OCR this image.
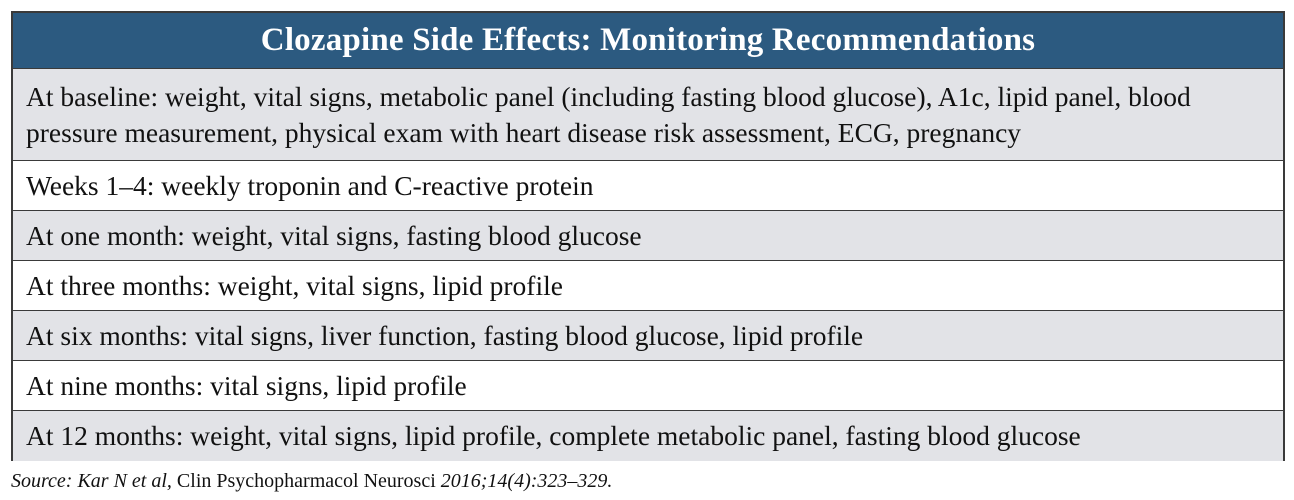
Clozapine Side Effects: Monitoring Recommendations
At baseline: weight, vital signs, metabolic panel (including fasting blood glucose), A1c, lipid panel, blood pressure measurement, physical exam with heart disease risk assessment, ECG, pregnancy
Weeks 1–4: weekly troponin and C-reactive protein
At one month: weight, vital signs, fasting blood glucose
At three months: weight, vital signs, lipid profile
At six months: vital signs, liver function, fasting blood glucose, lipid profile
At nine months: vital signs, lipid profile
At 12 months: weight, vital signs, lipid profile, complete metabolic panel, fasting blood glucose
Source: Kar N et al, Clin Psychopharmacol Neurosci 2016;14(4):323–329.
